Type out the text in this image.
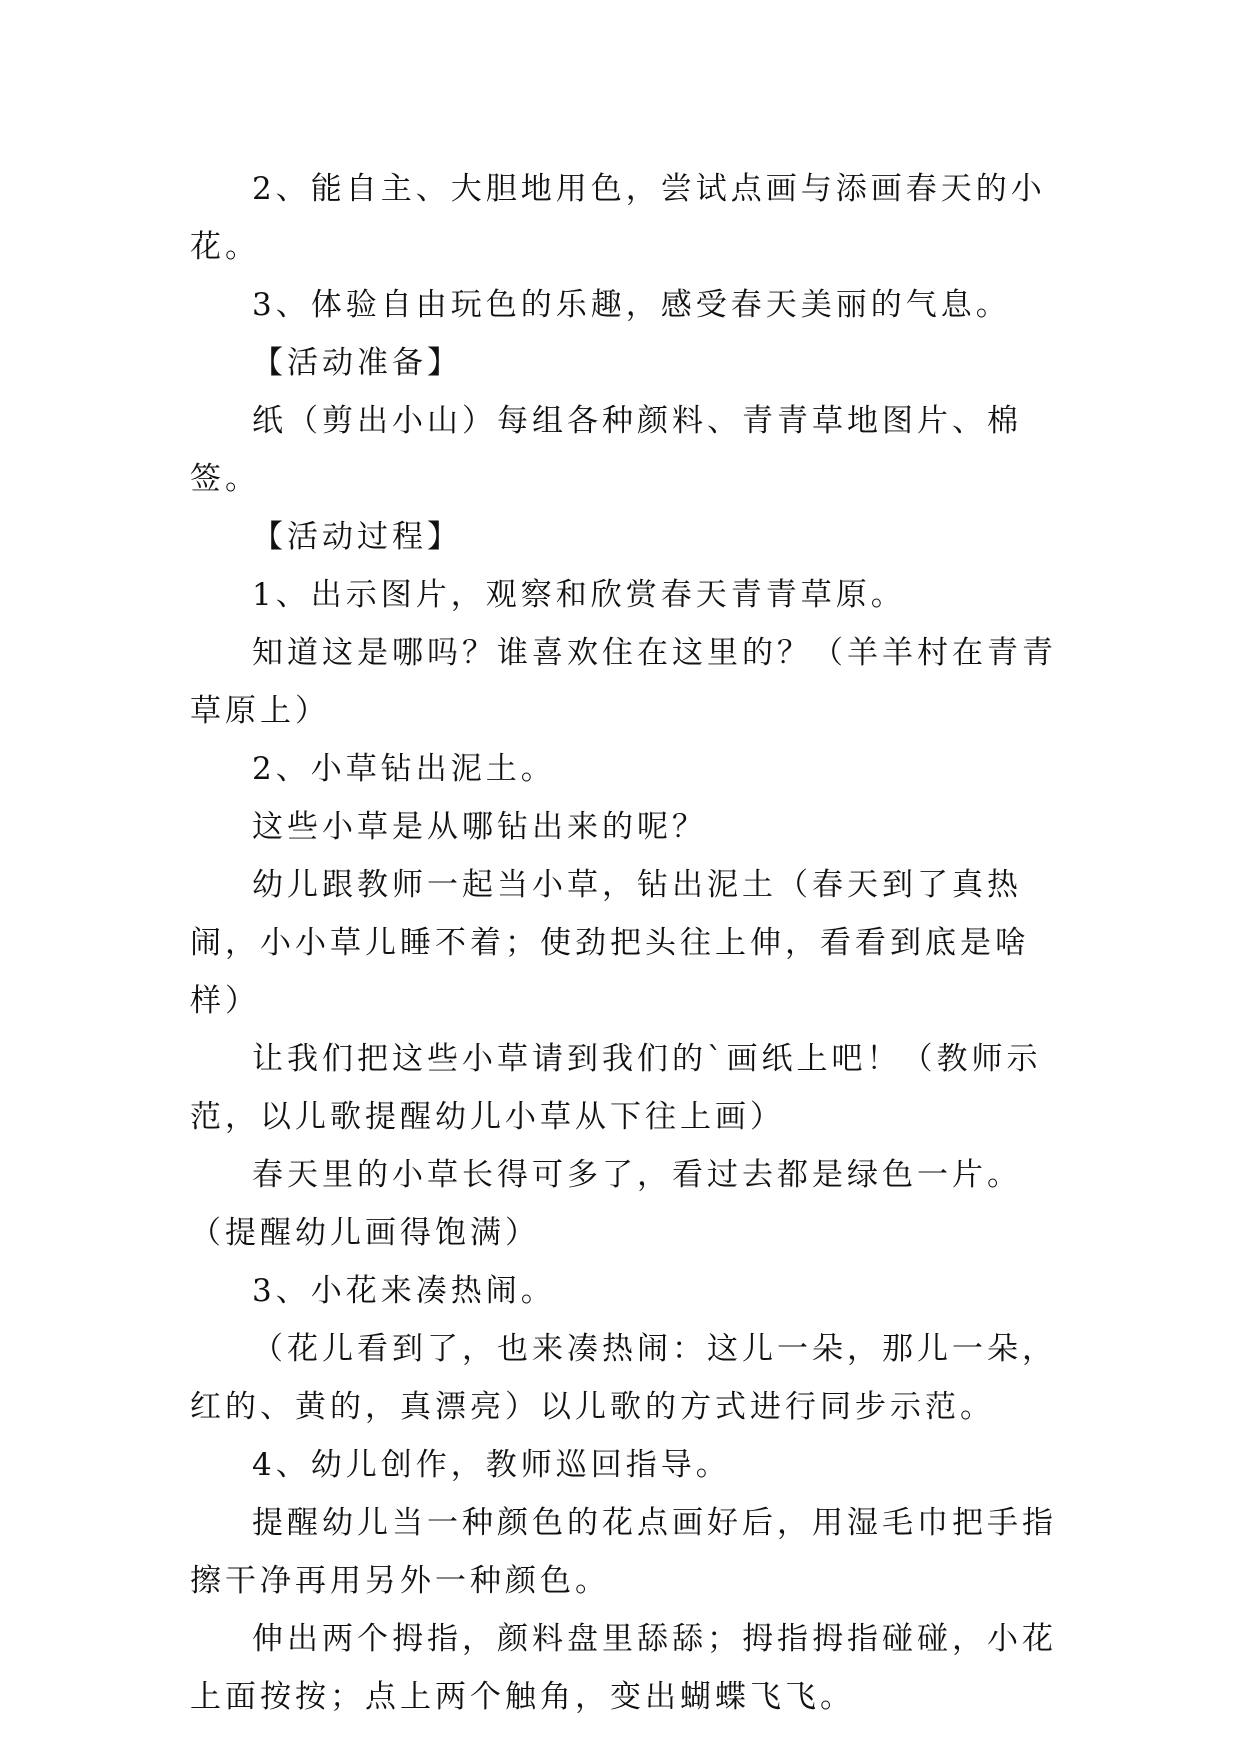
2、能自主、大胆地用色，尝试点画与添画春天的小花。

3、体验自由玩色的乐趣，感受春天美丽的气息。

【活动准备】

纸（剪出小山）每组各种颜料、青青草地图片、棉签。

【活动过程】

1、出示图片，观察和欣赏春天青青草原。

知道这是哪吗？谁喜欢住在这里的？（羊羊村在青青草原上）

2、小草钻出泥土。

这些小草是从哪钻出来的呢？

幼儿跟教师一起当小草，钻出泥土（春天到了真热闹，小小草儿睡不着；使劲把头往上伸，看看到底是啥样）

让我们把这些小草请到我们的`画纸上吧！（教师示范，以儿歌提醒幼儿小草从下往上画）

春天里的小草长得可多了，看过去都是绿色一片。（提醒幼儿画得饱满）

3、小花来凑热闹。

（花儿看到了，也来凑热闹：这儿一朵，那儿一朵，红的、黄的，真漂亮）以儿歌的方式进行同步示范。

4、幼儿创作，教师巡回指导。

提醒幼儿当一种颜色的花点画好后，用湿毛巾把手指擦干净再用另外一种颜色。

伸出两个拇指，颜料盘里舔舔；拇指拇指碰碰，小花上面按按；点上两个触角，变出蝴蝶飞飞。
